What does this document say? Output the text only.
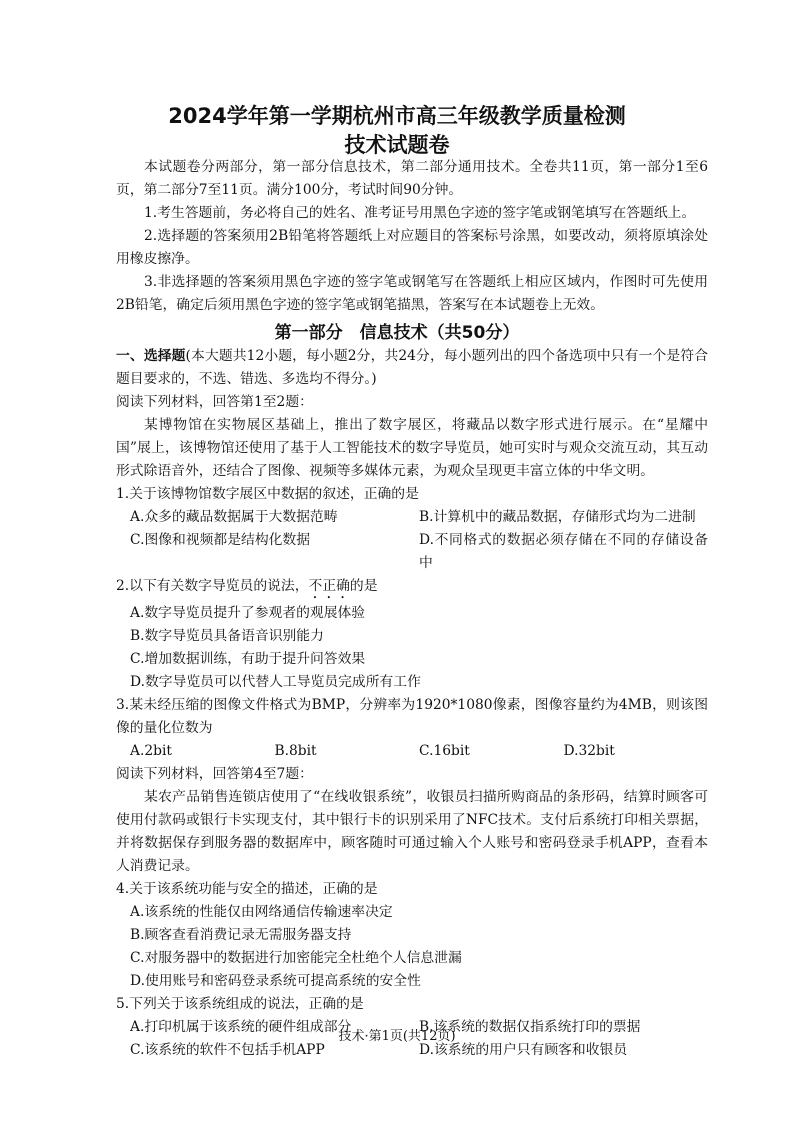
2024学年第一学期杭州市高三年级教学质量检测
技术试题卷

本试题卷分两部分，第一部分信息技术，第二部分通用技术。全卷共11页，第一部分1至6页，第二部分7至11页。满分100分，考试时间90分钟。

1.考生答题前，务必将自己的姓名、准考证号用黑色字迹的签字笔或钢笔填写在答题纸上。

2.选择题的答案须用2B铅笔将答题纸上对应题目的答案标号涂黑，如要改动，须将原填涂处用橡皮擦净。

3.非选择题的答案须用黑色字迹的签字笔或钢笔写在答题纸上相应区域内，作图时可先使用2B铅笔，确定后须用黑色字迹的签字笔或钢笔描黑，答案写在本试题卷上无效。

第一部分　信息技术（共50分）

一、选择题(本大题共12小题，每小题2分，共24分，每小题列出的四个备选项中只有一个是符合题目要求的，不选、错选、多选均不得分。)

阅读下列材料，回答第1至2题：

某博物馆在实物展区基础上，推出了数字展区，将藏品以数字形式进行展示。在“星耀中国”展上，该博物馆还使用了基于人工智能技术的数字导览员，她可实时与观众交流互动，其互动形式除语音外，还结合了图像、视频等多媒体元素，为观众呈现更丰富立体的中华文明。

1.关于该博物馆数字展区中数据的叙述，正确的是

A.众多的藏品数据属于大数据范畴	B.计算机中的藏品数据，存储形式均为二进制
C.图像和视频都是结构化数据	D.不同格式的数据必须存储在不同的存储设备中

2.以下有关数字导览员的说法，不正确的是

A.数字导览员提升了参观者的观展体验

B.数字导览员具备语音识别能力

C.增加数据训练，有助于提升问答效果

D.数字导览员可以代替人工导览员完成所有工作

3.某未经压缩的图像文件格式为BMP，分辨率为1920*1080像素，图像容量约为4MB，则该图像的量化位数为

A.2bit	B.8bit	C.16bit	D.32bit

阅读下列材料，回答第4至7题：

某农产品销售连锁店使用了“在线收银系统”，收银员扫描所购商品的条形码，结算时顾客可使用付款码或银行卡实现支付，其中银行卡的识别采用了NFC技术。支付后系统打印相关票据，并将数据保存到服务器的数据库中，顾客随时可通过输入个人账号和密码登录手机APP，查看本人消费记录。

4.关于该系统功能与安全的描述，正确的是

A.该系统的性能仅由网络通信传输速率决定

B.顾客查看消费记录无需服务器支持

C.对服务器中的数据进行加密能完全杜绝个人信息泄漏

D.使用账号和密码登录系统可提高系统的安全性

5.下列关于该系统组成的说法，正确的是

A.打印机属于该系统的硬件组成部分	B.该系统的数据仅指系统打印的票据
C.该系统的软件不包括手机APP	D.该系统的用户只有顾客和收银员
技术·第1页(共12页)
